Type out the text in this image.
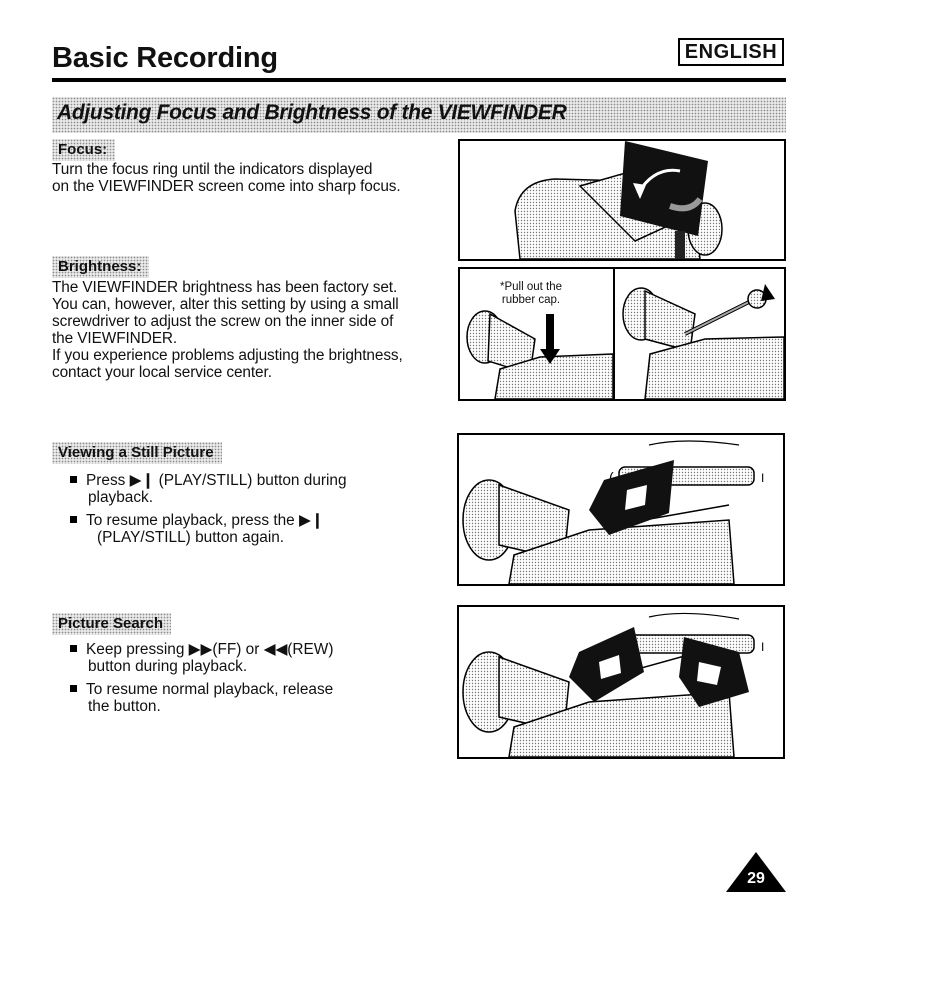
ENGLISH
Basic Recording
Adjusting Focus and Brightness of the VIEWFINDER
Focus:
Turn the focus ring until the indicators displayed
on the VIEWFINDER screen come into sharp focus.
Brightness:
The VIEWFINDER brightness has been factory set.
You can, however, alter this setting by using a small
screwdriver to adjust the screw on the inner side of
the VIEWFINDER.
If you experience problems adjusting the brightness,
contact your local service center.
Viewing a Still Picture
Press ▶❙ (PLAY/STILL) button during
playback.
To resume playback, press the ▶❙
(PLAY/STILL) button again.
Picture Search
Keep pressing ▶▶(FF) or ◀◀(REW)
button during playback.
To resume normal playback, release
the button.
*Pull out the
rubber cap.
(	I
I
29
